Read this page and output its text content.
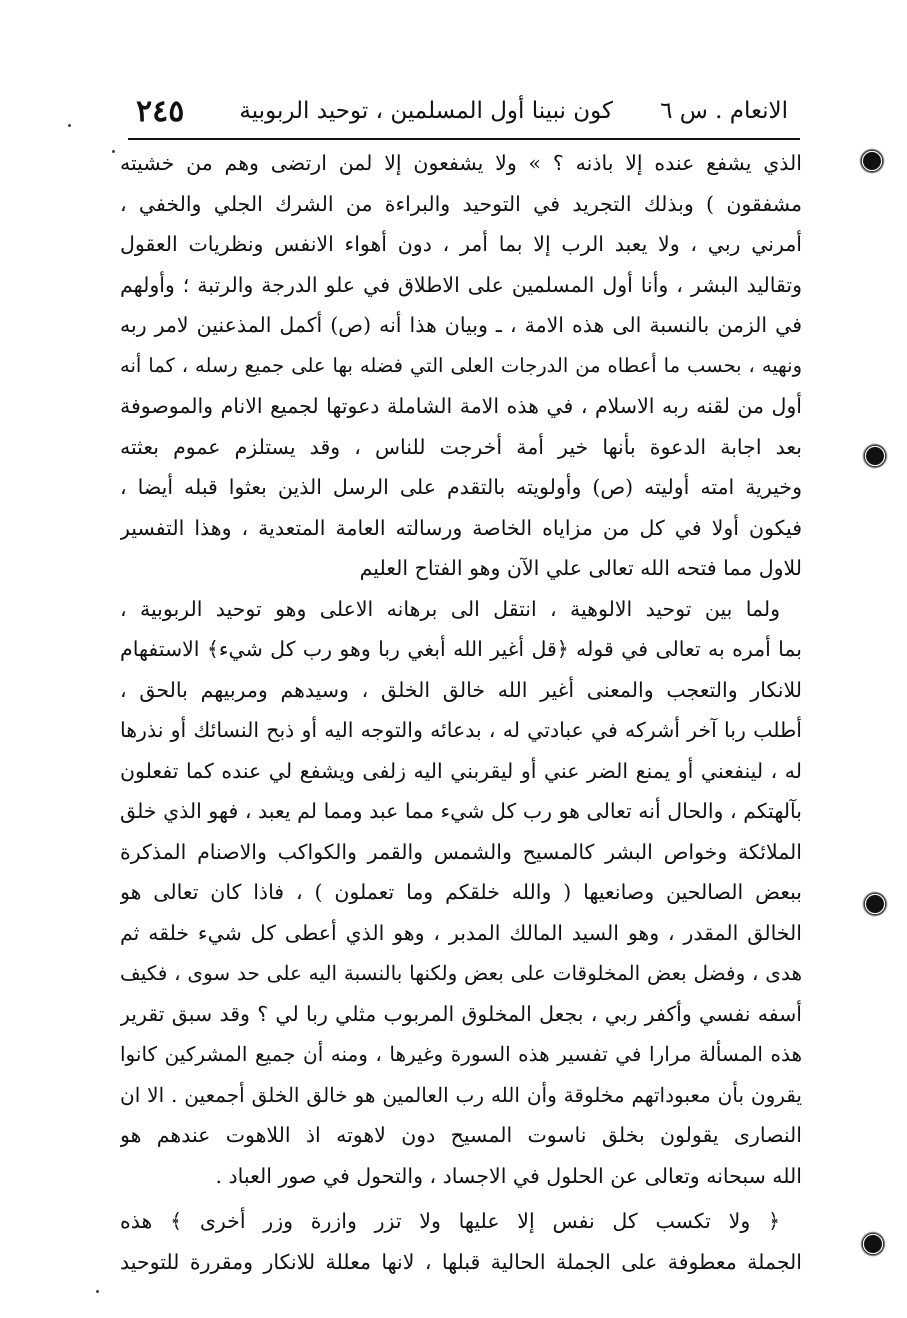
الانعام . س ٦
كون نبينا أول المسلمين ، توحيد الربوبية
٢٤٥
الذي يشفع عنده إلا باذنه ؟ » ولا يشفعون إلا لمن ارتضى وهم من خشيته
مشفقون ) وبذلك التجريد في التوحيد والبراءة من الشرك الجلي والخفي ،
أمرني ربي ، ولا يعبد الرب إلا بما أمر ، دون أهواء الانفس ونظريات العقول
وتقاليد البشر ، وأنا أول المسلمين على الاطلاق في علو الدرجة والرتبة ؛ وأولهم
في الزمن بالنسبة الى هذه الامة ، ـ وبيان هذا أنه (ص) أكمل المذعنين لامر ربه
ونهيه ، بحسب ما أعطاه من الدرجات العلى التي فضله بها على جميع رسله ، كما أنه
أول من لقنه ربه الاسلام ، في هذه الامة الشاملة دعوتها لجميع الانام والموصوفة
بعد اجابة الدعوة بأنها خير أمة أخرجت للناس ، وقد يستلزم عموم بعثته
وخيرية امته أوليته (ص) وأولويته بالتقدم على الرسل الذين بعثوا قبله أيضا ،
فيكون أولا في كل من مزاياه الخاصة ورسالته العامة المتعدية ، وهذا التفسير
للاول مما فتحه الله تعالى علي الآن وهو الفتاح العليم
ولما بين توحيد الالوهية ، انتقل الى برهانه الاعلى وهو توحيد الربوبية ،
بما أمره به تعالى في قوله ﴿قل أغير الله أبغي ربا وهو رب كل شيء﴾ الاستفهام
للانكار والتعجب والمعنى أغير الله خالق الخلق ، وسيدهم ومربيهم بالحق ،
أطلب ربا آخر أشركه في عبادتي له ، بدعائه والتوجه اليه أو ذبح النسائك أو نذرها
له ، لينفعني أو يمنع الضر عني أو ليقربني اليه زلفى ويشفع لي عنده كما تفعلون
بآلهتكم ، والحال أنه تعالى هو رب كل شيء مما عبد ومما لم يعبد ، فهو الذي خلق
الملائكة وخواص البشر كالمسيح والشمس والقمر والكواكب والاصنام المذكرة
ببعض الصالحين وصانعيها ( والله خلقكم وما تعملون ) ، فاذا كان تعالى هو
الخالق المقدر ، وهو السيد المالك المدبر ، وهو الذي أعطى كل شيء خلقه ثم
هدى ، وفضل بعض المخلوقات على بعض ولكنها بالنسبة اليه على حد سوى ، فكيف
أسفه نفسي وأكفر ربي ، بجعل المخلوق المربوب مثلي ربا لي ؟ وقد سبق تقرير
هذه المسألة مرارا في تفسير هذه السورة وغيرها ، ومنه أن جميع المشركين كانوا
يقرون بأن معبوداتهم مخلوقة وأن الله رب العالمين هو خالق الخلق أجمعين . الا ان
النصارى يقولون بخلق ناسوت المسيح دون لاهوته اذ اللاهوت عندهم هو
الله سبحانه وتعالى عن الحلول في الاجساد ، والتحول في صور العباد .
﴿ ولا تكسب كل نفس إلا عليها ولا تزر وازرة وزر أخرى ﴾ هذه
الجملة معطوفة على الجملة الحالية قبلها ، لانها معللة للانكار ومقررة للتوحيد
